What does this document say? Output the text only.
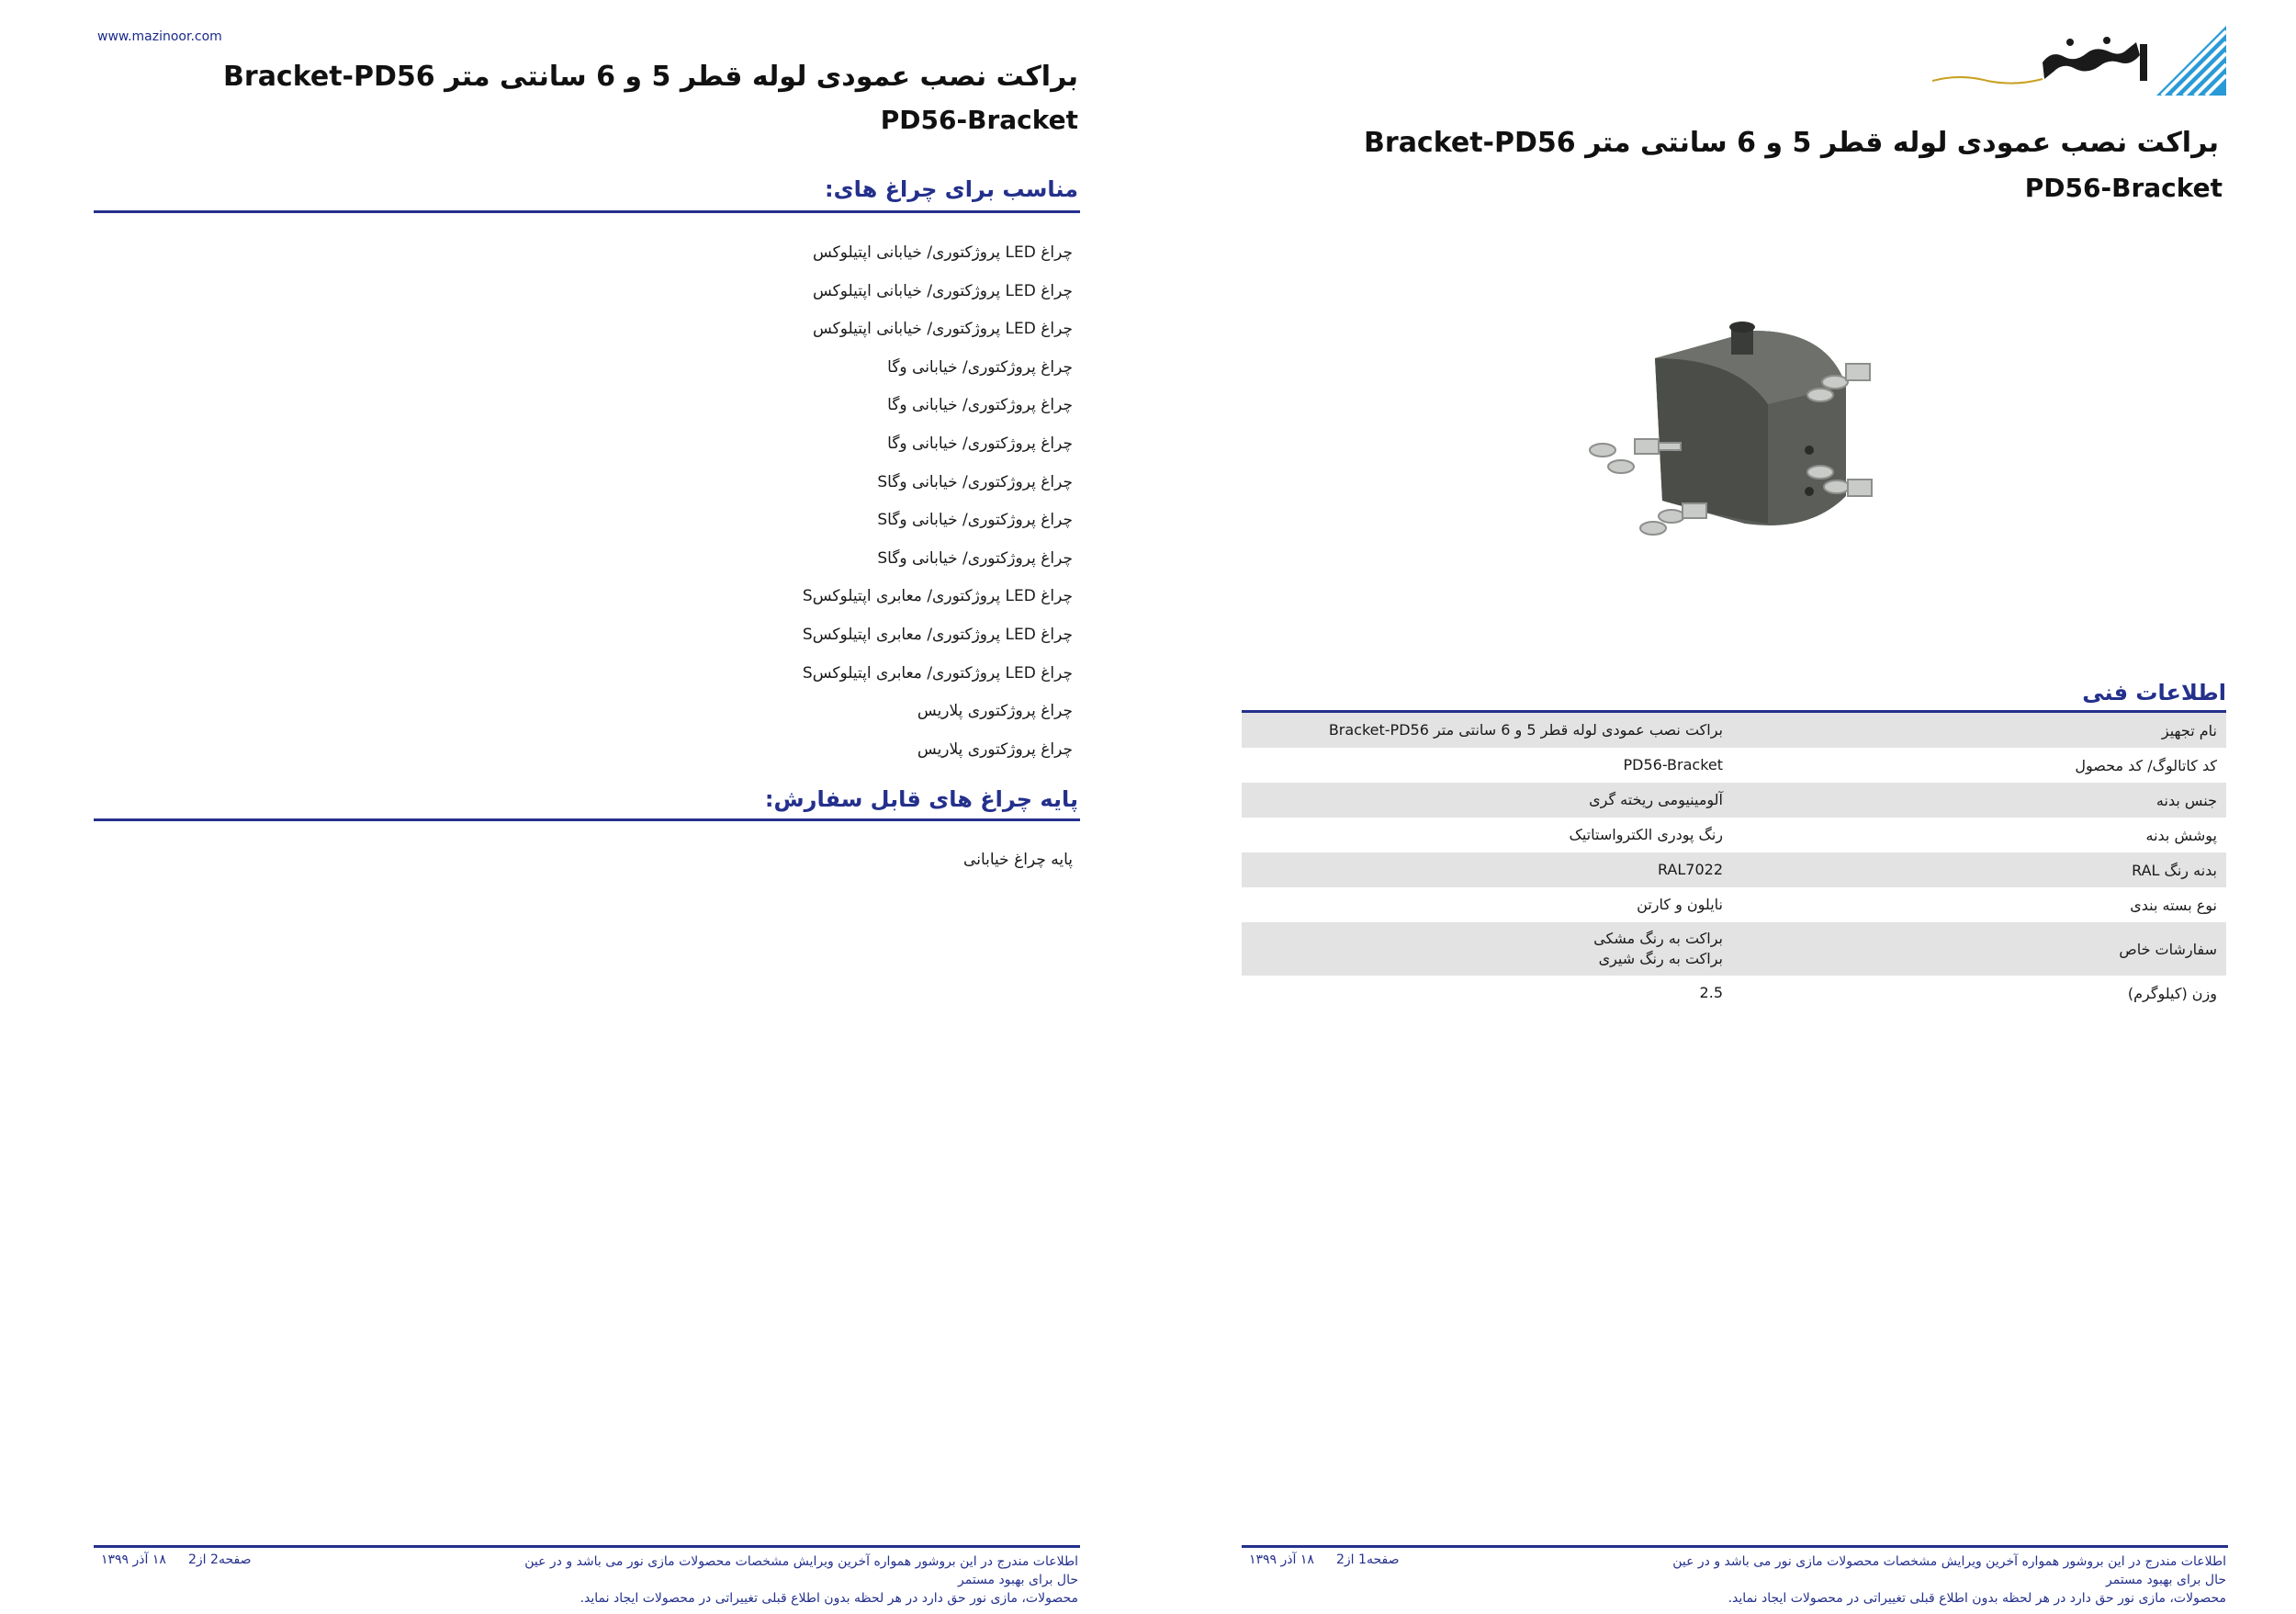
www.mazinoor.com
براکت نصب عمودی لوله قطر 5 و 6 سانتی متر Bracket-PD56
PD56-Bracket
مناسب برای چراغ های:
چراغ LED پروژکتوری/ خیابانی اپتیلوکس
چراغ LED پروژکتوری/ خیابانی اپتیلوکس
چراغ LED پروژکتوری/ خیابانی اپتیلوکس
چراغ پروژکتوری/ خیابانی وگا
چراغ پروژکتوری/ خیابانی وگا
چراغ پروژکتوری/ خیابانی وگا
چراغ پروژکتوری/ خیابانی وگاS
چراغ پروژکتوری/ خیابانی وگاS
چراغ پروژکتوری/ خیابانی وگاS
چراغ LED پروژکتوری/ معابری اپتیلوکسS
چراغ LED پروژکتوری/ معابری اپتیلوکسS
چراغ LED پروژکتوری/ معابری اپتیلوکسS
چراغ پروژکتوری پلاریس
چراغ پروژکتوری پلاریس
پایه چراغ های قابل سفارش:
پایه چراغ خیابانی
اطلاعات مندرج در این بروشور همواره آخرین ویرایش مشخصات محصولات مازی نور می باشد و در عین حال برای بهبود مستمر
محصولات، مازی نور حق دارد در هر لحظه بدون اطلاع قبلی تغییراتی در محصولات ایجاد نماید.
صفحه2 از2
۱۸ آذر ۱۳۹۹
براکت نصب عمودی لوله قطر 5 و 6 سانتی متر Bracket-PD56
PD56-Bracket
اطلاعات فنی
نام تجهیز
براکت نصب عمودی لوله قطر 5 و 6 سانتی متر Bracket-PD56
کد کاتالوگ/ کد محصول
PD56-Bracket
جنس بدنه
آلومینیومی ریخته گری
پوشش بدنه
رنگ پودری الکترواستاتیک
بدنه رنگ RAL
RAL7022
نوع بسته بندی
نایلون و کارتن
سفارشات خاص
براکت به رنگ مشکی
براکت به رنگ شیری
وزن (کیلوگرم)
2.5
اطلاعات مندرج در این بروشور همواره آخرین ویرایش مشخصات محصولات مازی نور می باشد و در عین حال برای بهبود مستمر
محصولات، مازی نور حق دارد در هر لحظه بدون اطلاع قبلی تغییراتی در محصولات ایجاد نماید.
صفحه1 از2
۱۸ آذر ۱۳۹۹
